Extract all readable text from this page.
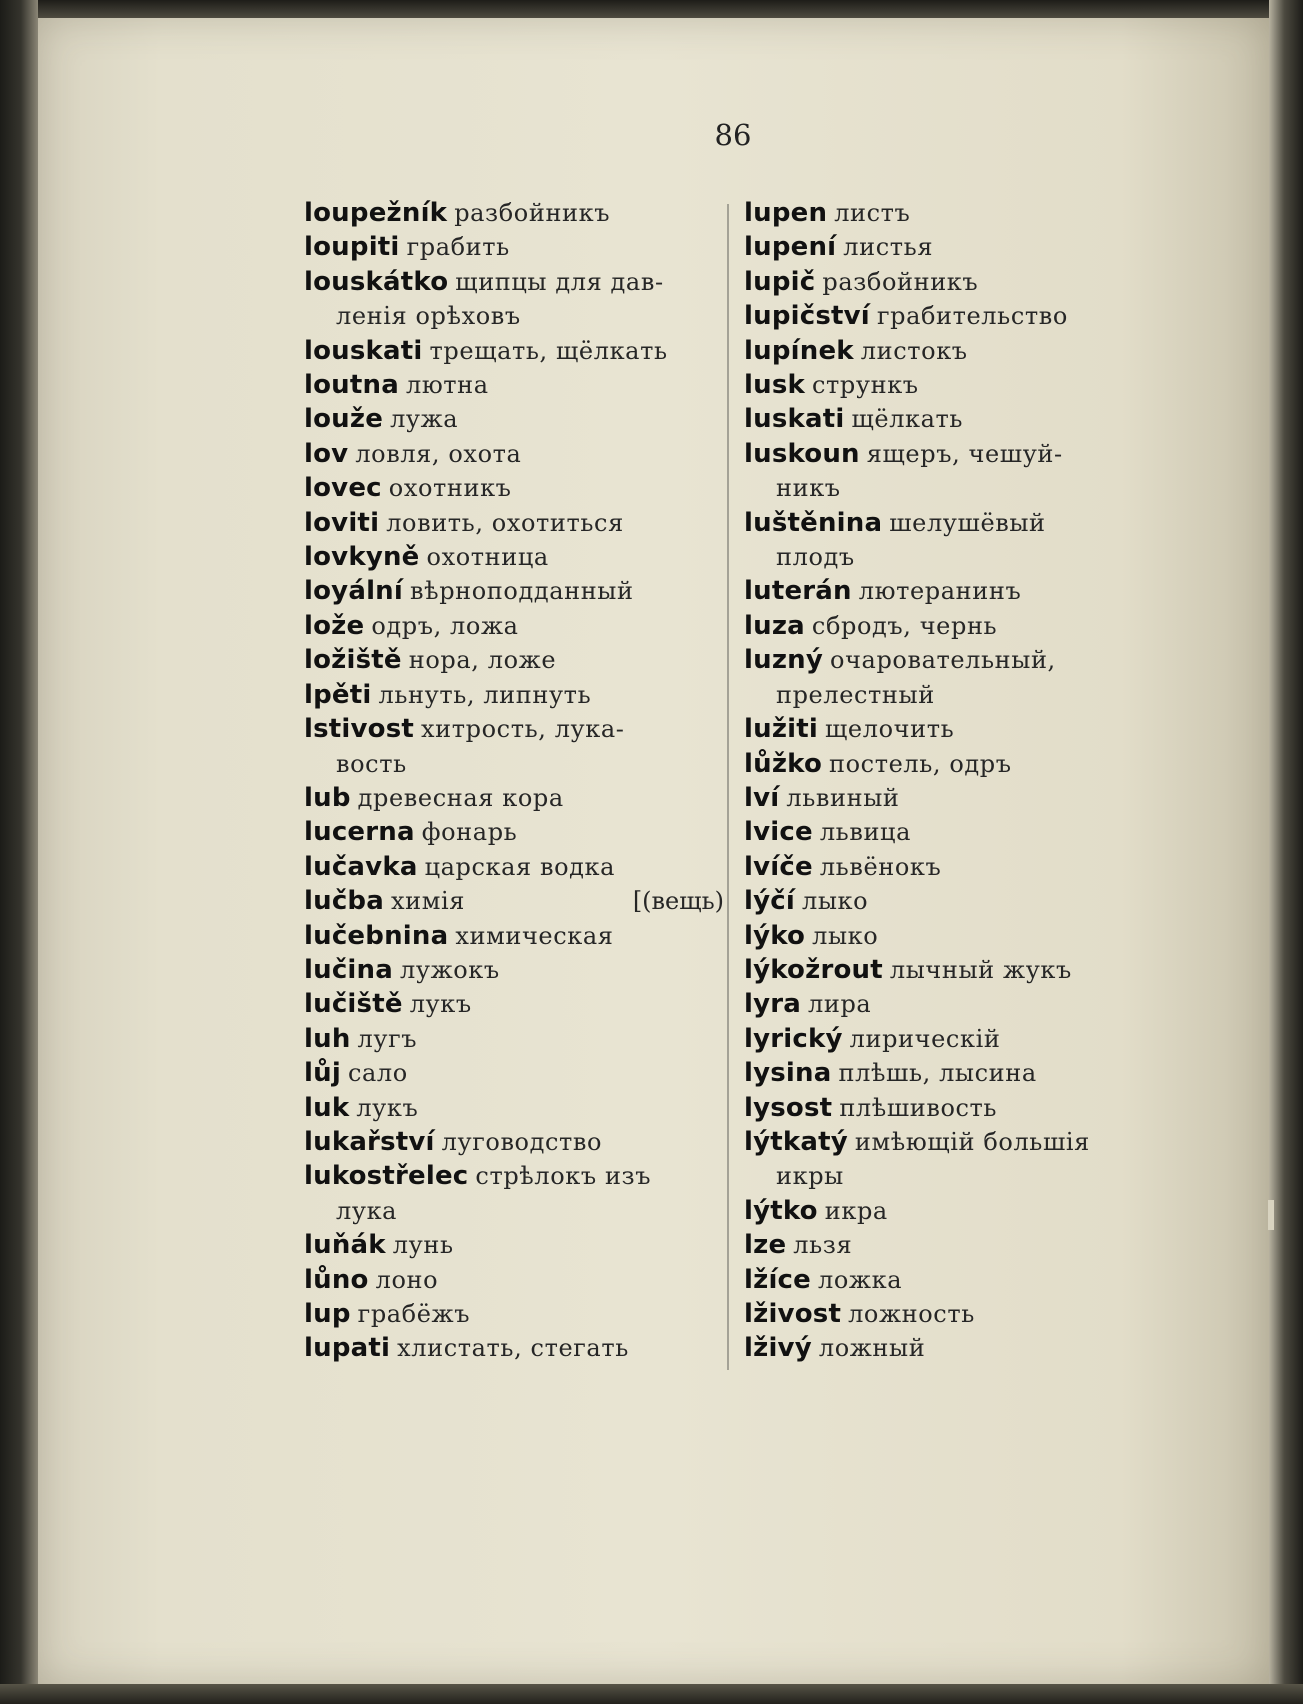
86
loupežník разбойникъ
loupiti грабить
louskátko щипцы для дав-
ленія орѣховъ
louskati трещать, щёлкать
loutna лютна
louže лужа
lov ловля, охота
lovec охотникъ
loviti ловить, охотиться
lovkyně охотница
loyální вѣрноподданный
lože одръ, ложа
ložiště нора, ложе
lpěti льнуть, липнуть
lstivost хитрость, лука-
вость
lub древесная кора
lucerna фонарь
lučavka царская водка
lučba химія	[(вещь)
lučebnina химическая
lučina лужокъ
lučiště лукъ
luh лугъ
lůj сало
luk лукъ
lukařství луговодство
lukostřelec стрѣлокъ изъ
лука
luňák лунь
lůno лоно
lup грабёжъ
lupati хлистать, стегать
lupen листъ
lupení листья
lupič разбойникъ
lupičství грабительство
lupínek листокъ
lusk стрункъ
luskati щёлкать
luskoun ящеръ, чешуй-
никъ
luštěnina шелушёвый
плодъ
luterán лютеранинъ
luza сбродъ, чернь
luzný очаровательный,
прелестный
lužiti щелочить
lůžko постель, одръ
lví львиный
lvice львица
lvíče львёнокъ
lýčí лыко
lýko лыко
lýkožrout лычный жукъ
lyra лира
lyrický лирическій
lysina плѣшь, лысина
lysost плѣшивость
lýtkatý имѣющій большія
икры
lýtko икра
lze льзя
lžíce ложка
lživost ложность
lživý ложный
